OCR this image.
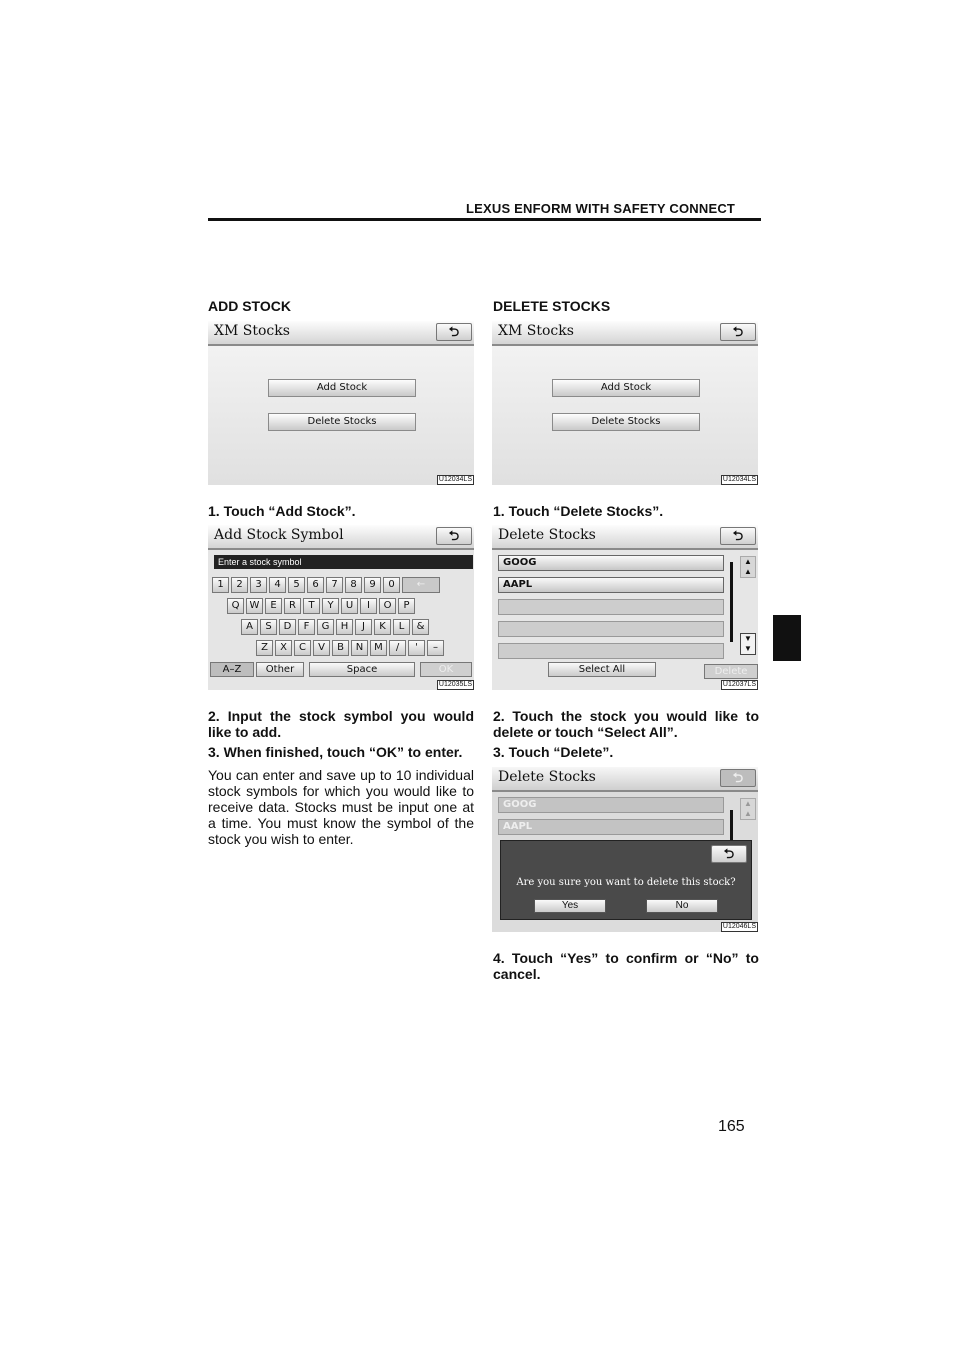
LEXUS ENFORM WITH SAFETY CONNECT
ADD STOCK
XM Stocks	⮌
Add Stock
Delete Stocks
U12034LS
1. Touch “Add Stock”.
Add Stock Symbol	⮌
Enter a stock symbol
1	2	3	4	5	6	7	8	9	0	←
Q	W	E	R	T	Y	U	I	O	P
A	S	D	F	G	H	J	K	L	&
Z	X	C	V	B	N	M	/	'	–
A–Z	Other	Space	OK
U12035LS
2. Input the stock symbol you would like to add.
3. When finished, touch “OK” to enter.
You can enter and save up to 10 individual stock symbols for which you would like to receive data. Stocks must be input one at a time. You must know the symbol of the stock you wish to enter.
DELETE STOCKS
XM Stocks	⮌
Add Stock
Delete Stocks
U12034LS
1. Touch “Delete Stocks”.
Delete Stocks	⮌
GOOG
AAPL
▲
▲
▼
▼
Select All	Delete
U12037LS
2. Touch the stock you would like to delete or touch “Select All”.
3. Touch “Delete”.
Delete Stocks	⮌
GOOG
AAPL
▲
▲
U12046LS
⮌
Are you sure you want to delete this stock?
Yes	No
4. Touch “Yes” to confirm or “No” to cancel.
165
